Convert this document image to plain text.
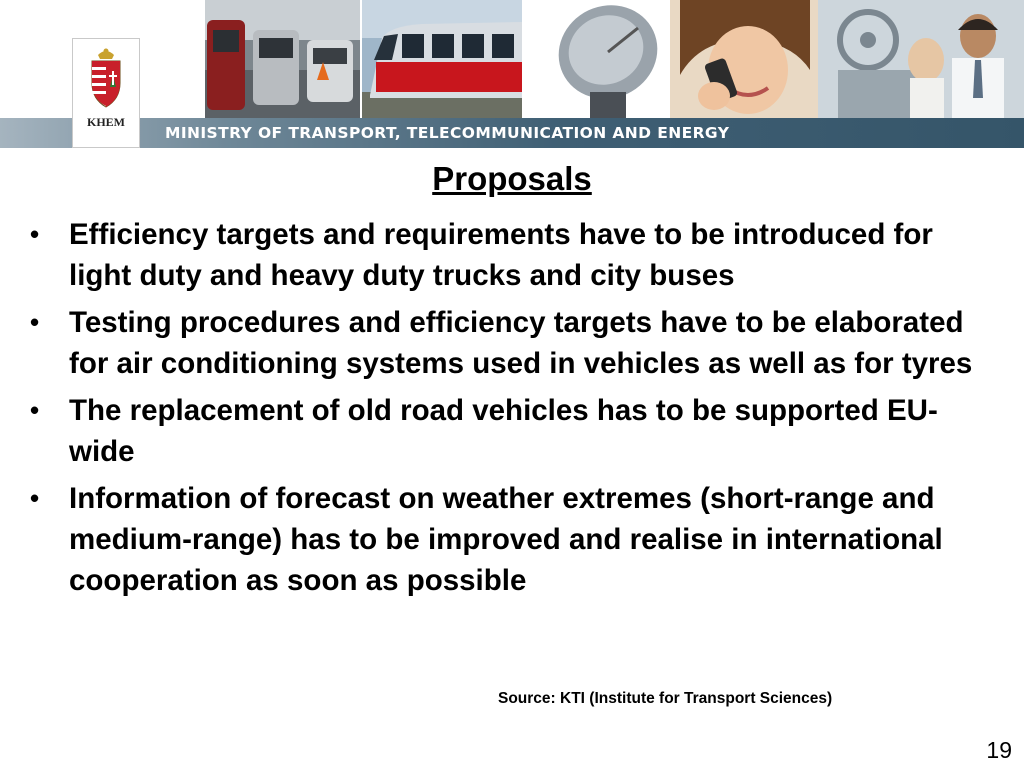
MINISTRY OF TRANSPORT, TELECOMMUNICATION AND ENERGY
KHEM
Proposals
• Efficiency targets and requirements have to be introduced for light duty and heavy duty trucks and city buses
• Testing procedures and efficiency targets have to be elaborated for air conditioning systems used in vehicles as well as for tyres
• The replacement of old road vehicles has to be supported EU-wide
• Information of forecast on weather extremes (short-range and medium-range) has to be improved and realise in international cooperation as soon as possible
Source: KTI (Institute for Transport Sciences)
19
